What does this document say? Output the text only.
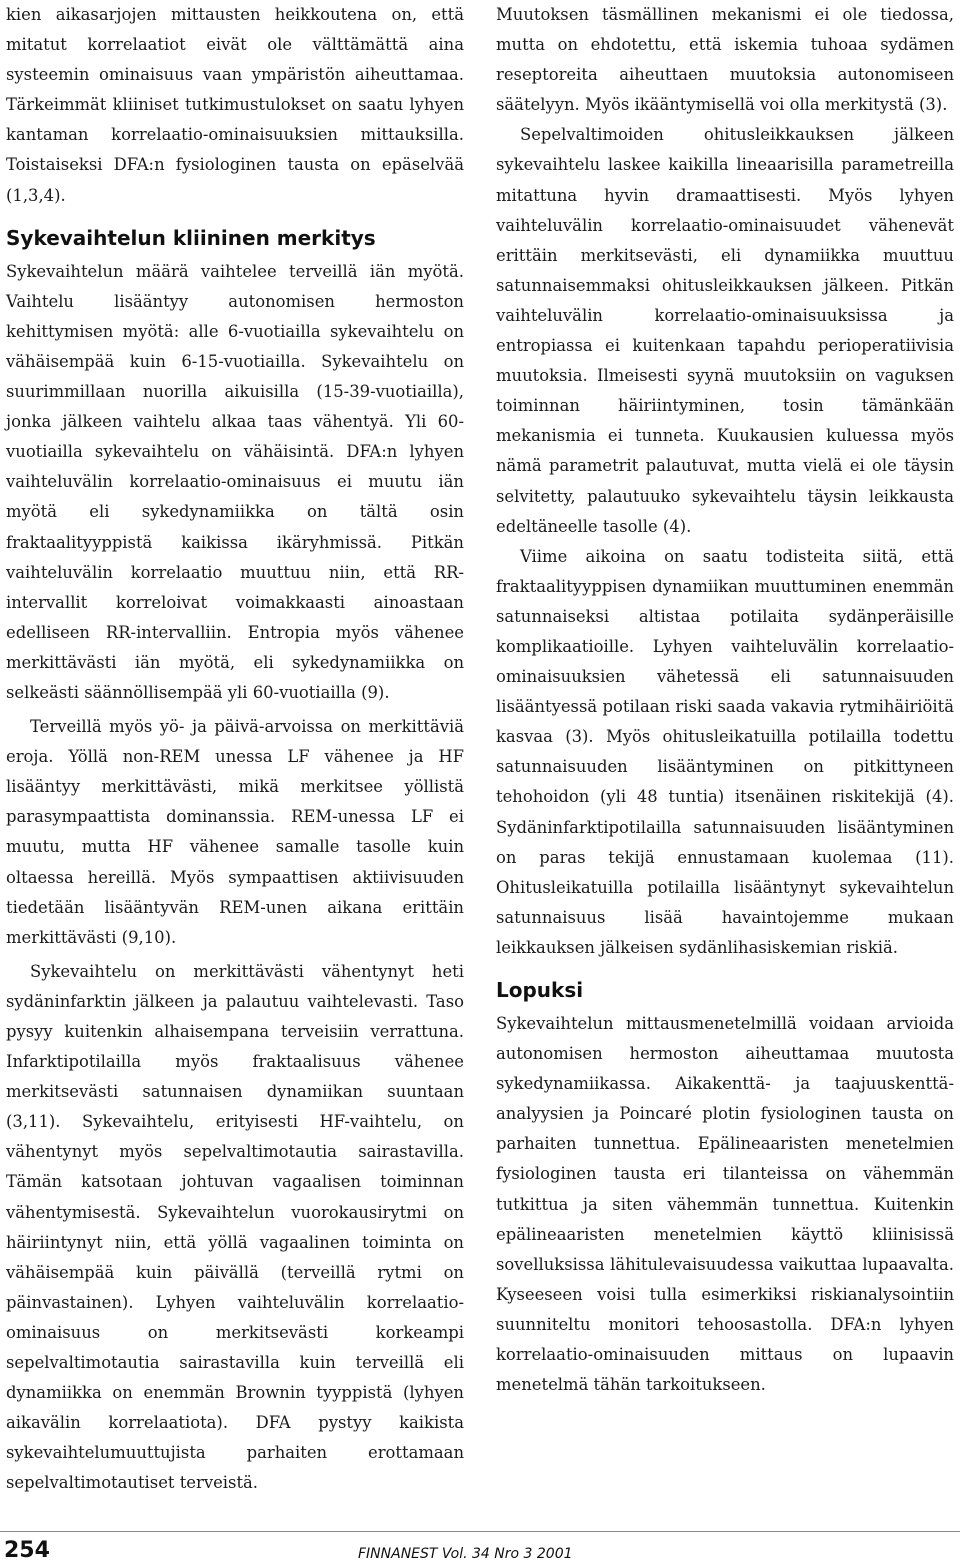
kien aikasarjojen mittausten heikkoutena on, että mitatut korrelaatiot eivät ole välttämättä aina systeemin ominaisuus vaan ympäristön aiheuttamaa. Tärkeimmät kliiniset tutkimustulokset on saatu lyhyen kantaman korrelaatio-ominaisuuksien mittauksilla. Toistaiseksi DFA:n fysiologinen tausta on epäselvää (1,3,4).

Sykevaihtelun kliininen merkitys

Sykevaihtelun määrä vaihtelee terveillä iän myötä. Vaihtelu lisääntyy autonomisen hermoston kehittymisen myötä: alle 6-vuotiailla sykevaihtelu on vähäisempää kuin 6-15-vuotiailla. Sykevaihtelu on suurimmillaan nuorilla aikuisilla (15-39-vuotiailla), jonka jälkeen vaihtelu alkaa taas vähentyä. Yli 60-vuotiailla sykevaihtelu on vähäisintä. DFA:n lyhyen vaihteluvälin korrelaatio-ominaisuus ei muutu iän myötä eli sykedynamiikka on tältä osin fraktaalityyppistä kaikissa ikäryhmissä. Pitkän vaihteluvälin korrelaatio muuttuu niin, että RR-intervallit korreloivat voimakkaasti ainoastaan edelliseen RR-intervalliin. Entropia myös vähenee merkittävästi iän myötä, eli sykedynamiikka on selkeästi säännöllisempää yli 60-vuotiailla (9).

Terveillä myös yö- ja päivä-arvoissa on merkittäviä eroja. Yöllä non-REM unessa LF vähenee ja HF lisääntyy merkittävästi, mikä merkitsee yöllistä parasympaattista dominanssia. REM-unessa LF ei muutu, mutta HF vähenee samalle tasolle kuin oltaessa hereillä. Myös sympaattisen aktiivisuuden tiedetään lisääntyvän REM-unen aikana erittäin merkittävästi (9,10).

Sykevaihtelu on merkittävästi vähentynyt heti sydäninfarktin jälkeen ja palautuu vaihtelevasti. Taso pysyy kuitenkin alhaisempana terveisiin verrattuna. Infarktipotilailla myös fraktaalisuus vähenee merkitsevästi satunnaisen dynamiikan suuntaan (3,11). Sykevaihtelu, erityisesti HF-vaihtelu, on vähentynyt myös sepelvaltimotautia sairastavilla. Tämän katsotaan johtuvan vagaalisen toiminnan vähentymisestä. Sykevaihtelun vuorokausirytmi on häiriintynyt niin, että yöllä vagaalinen toiminta on vähäisempää kuin päivällä (terveillä rytmi on päinvastainen). Lyhyen vaihteluvälin korrelaatio-ominaisuus on merkitsevästi korkeampi sepelvaltimotautia sairastavilla kuin terveillä eli dynamiikka on enemmän Brownin tyyppistä (lyhyen aikavälin korrelaatiota). DFA pystyy kaikista sykevaihtelumuuttujista parhaiten erottamaan sepelvaltimotautiset terveistä.

Muutoksen täsmällinen mekanismi ei ole tiedossa, mutta on ehdotettu, että iskemia tuhoaa sydämen reseptoreita aiheuttaen muutoksia autonomiseen säätelyyn. Myös ikääntymisellä voi olla merkitystä (3).

Sepelvaltimoiden ohitusleikkauksen jälkeen sykevaihtelu laskee kaikilla lineaarisilla parametreilla mitattuna hyvin dramaattisesti. Myös lyhyen vaihteluvälin korrelaatio-ominaisuudet vähenevät erittäin merkitsevästi, eli dynamiikka muuttuu satunnaisemmaksi ohitusleikkauksen jälkeen. Pitkän vaihteluvälin korrelaatio-ominaisuuksissa ja entropiassa ei kuitenkaan tapahdu perioperatiivisia muutoksia. Ilmeisesti syynä muutoksiin on vaguksen toiminnan häiriintyminen, tosin tämänkään mekanismia ei tunneta. Kuukausien kuluessa myös nämä parametrit palautuvat, mutta vielä ei ole täysin selvitetty, palautuuko sykevaihtelu täysin leikkausta edeltäneelle tasolle (4).

Viime aikoina on saatu todisteita siitä, että fraktaalityyppisen dynamiikan muuttuminen enemmän satunnaiseksi altistaa potilaita sydänperäisille komplikaatioille. Lyhyen vaihteluvälin korrelaatio-ominaisuuksien vähetessä eli satunnaisuuden lisääntyessä potilaan riski saada vakavia rytmihäiriöitä kasvaa (3). Myös ohitusleikatuilla potilailla todettu satunnaisuuden lisääntyminen on pitkittyneen tehohoidon (yli 48 tuntia) itsenäinen riskitekijä (4). Sydäninfarktipotilailla satunnaisuuden lisääntyminen on paras tekijä ennustamaan kuolemaa (11). Ohitusleikatuilla potilailla lisääntynyt sykevaihtelun satunnaisuus lisää havaintojemme mukaan leikkauksen jälkeisen sydänlihasiskemian riskiä.

Lopuksi

Sykevaihtelun mittausmenetelmillä voidaan arvioida autonomisen hermoston aiheuttamaa muutosta sykedynamiikassa. Aikakenttä- ja taajuuskenttä-analyysien ja Poincaré plotin fysiologinen tausta on parhaiten tunnettua. Epälineaaristen menetelmien fysiologinen tausta eri tilanteissa on vähemmän tutkittua ja siten vähemmän tunnettua. Kuitenkin epälineaaristen menetelmien käyttö kliinisissä sovelluksissa lähitulevaisuudessa vaikuttaa lupaavalta. Kyseeseen voisi tulla esimerkiksi riskianalysointiin suunniteltu monitori tehoosastolla. DFA:n lyhyen korrelaatio-ominaisuuden mittaus on lupaavin menetelmä tähän tarkoitukseen.

254	FINNANEST Vol. 34 Nro 3 2001
